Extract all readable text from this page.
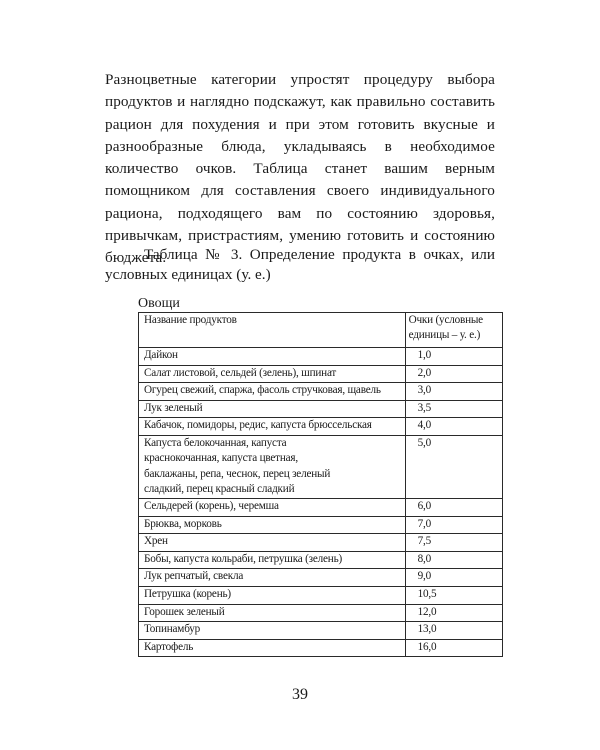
Разноцветные категории упростят процедуру выбора продуктов и наглядно подскажут, как правильно составить рацион для похудения и при этом готовить вкусные и разнообразные блюда, укладываясь в необходимое количество очков. Таблица станет вашим верным помощником для составления своего индивидуального рациона, подходящего вам по состоянию здоровья, привычкам, пристрастиям, умению готовить и состоянию бюджета.

Таблица № 3. Определение продукта в очках, или условных единицах (у. е.)

Овощи

Название продуктов	Очки (условные единицы – у. е.)
Дайкон	1,0
Салат листовой, сельдей (зелень), шпинат	2,0
Огурец свежий, спаржа, фасоль стручковая, щавель	3,0
Лук зеленый	3,5
Кабачок, помидоры, редис, капуста брюссельская	4,0
Капуста белокочанная, капуста краснокочанная, капуста цветная, баклажаны, репа, чеснок, перец зеленый сладкий, перец красный сладкий	5,0
Сельдерей (корень), черемша	6,0
Брюква, морковь	7,0
Хрен	7,5
Бобы, капуста кольраби, петрушка (зелень)	8,0
Лук репчатый, свекла	9,0
Петрушка (корень)	10,5
Горошек зеленый	12,0
Топинамбур	13,0
Картофель	16,0

39
